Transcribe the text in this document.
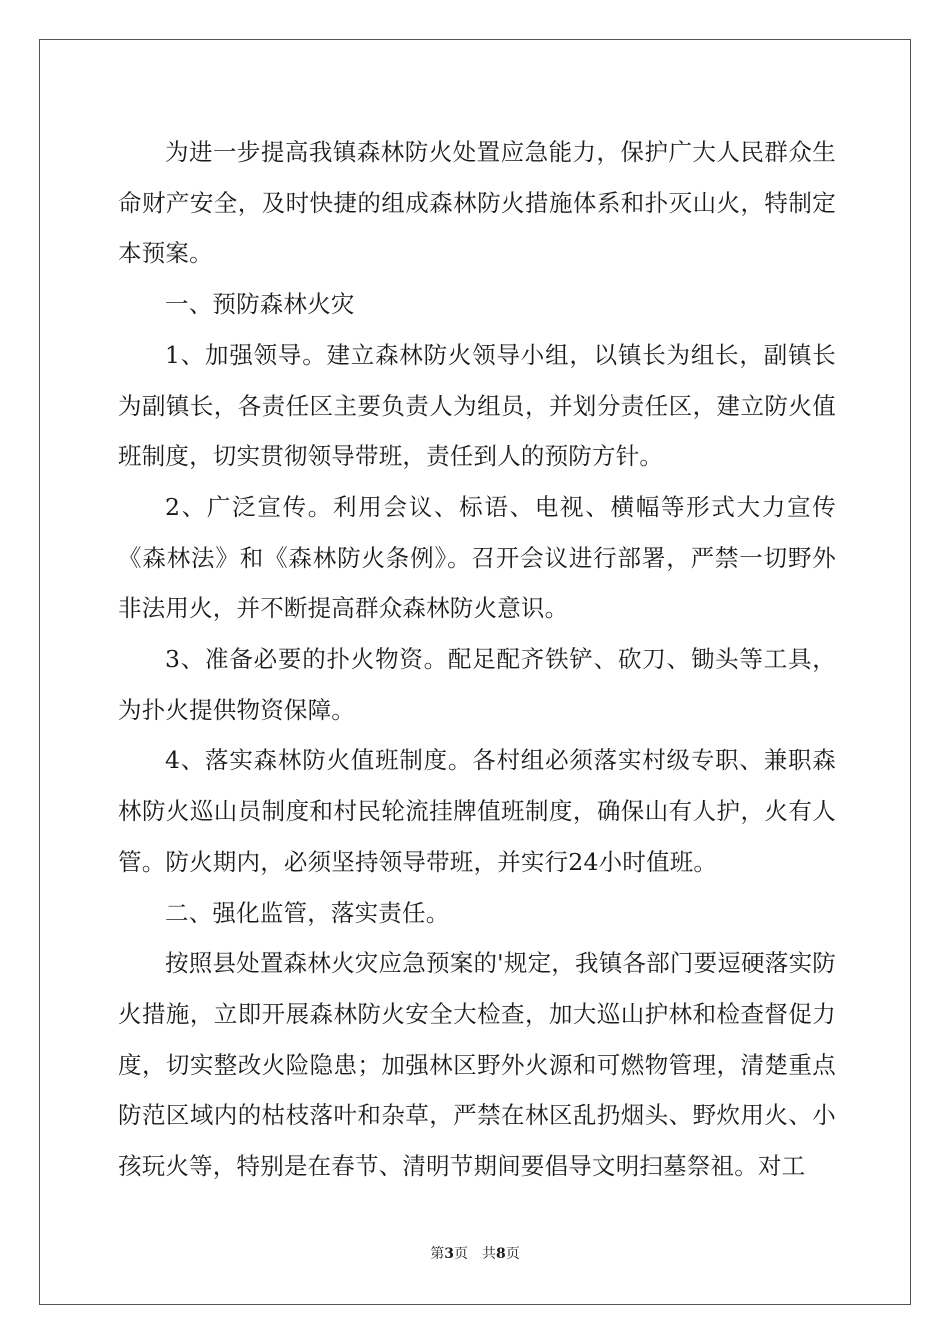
为进一步提高我镇森林防火处置应急能力，保护广大人民群众生命财产安全，及时快捷的组成森林防火措施体系和扑灭山火，特制定本预案。

一、预防森林火灾

1、加强领导。建立森林防火领导小组，以镇长为组长，副镇长为副镇长，各责任区主要负责人为组员，并划分责任区，建立防火值班制度，切实贯彻领导带班，责任到人的预防方针。

2、广泛宣传。利用会议、标语、电视、横幅等形式大力宣传《森林法》和《森林防火条例》。召开会议进行部署，严禁一切野外非法用火，并不断提高群众森林防火意识。

3、准备必要的扑火物资。配足配齐铁铲、砍刀、锄头等工具，为扑火提供物资保障。

4、落实森林防火值班制度。各村组必须落实村级专职、兼职森林防火巡山员制度和村民轮流挂牌值班制度，确保山有人护，火有人管。防火期内，必须坚持领导带班，并实行24小时值班。

二、强化监管，落实责任。

按照县处置森林火灾应急预案的'规定，我镇各部门要逗硬落实防火措施，立即开展森林防火安全大检查，加大巡山护林和检查督促力度，切实整改火险隐患；加强林区野外火源和可燃物管理，清楚重点防范区域内的枯枝落叶和杂草，严禁在林区乱扔烟头、野炊用火、小孩玩火等，特别是在春节、清明节期间要倡导文明扫墓祭祖。对工

第3页 共8页
